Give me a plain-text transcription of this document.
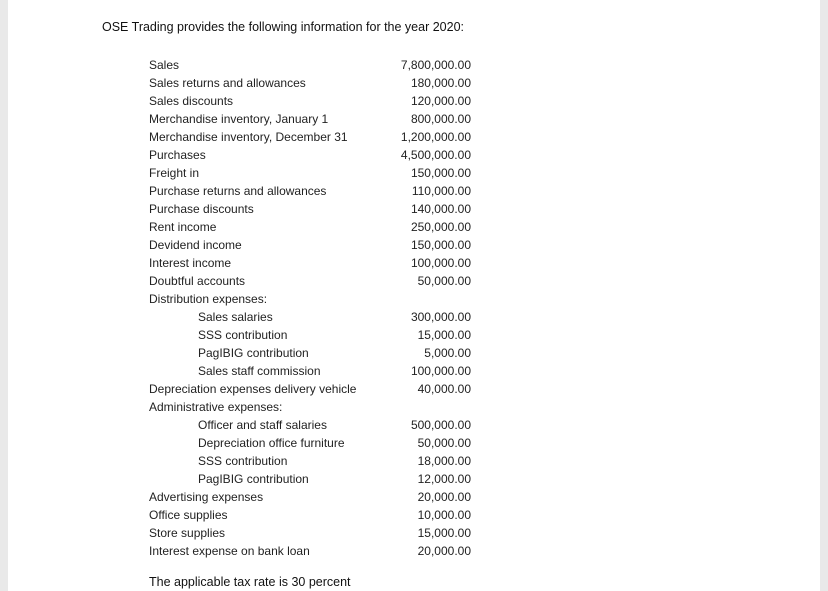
OSE Trading provides the following information for the year 2020:
Sales	7,800,000.00
Sales returns and allowances	180,000.00
Sales discounts	120,000.00
Merchandise inventory, January 1	800,000.00
Merchandise inventory, December 31	1,200,000.00
Purchases	4,500,000.00
Freight in	150,000.00
Purchase returns and allowances	110,000.00
Purchase discounts	140,000.00
Rent income	250,000.00
Devidend income	150,000.00
Interest income	100,000.00
Doubtful accounts	50,000.00
Distribution expenses:
Sales salaries	300,000.00
SSS contribution	15,000.00
PagIBIG contribution	5,000.00
Sales staff commission	100,000.00
Depreciation expenses delivery vehicle	40,000.00
Administrative expenses:
Officer and staff salaries	500,000.00
Depreciation office furniture	50,000.00
SSS contribution	18,000.00
PagIBIG contribution	12,000.00
Advertising expenses	20,000.00
Office supplies	10,000.00
Store supplies	15,000.00
Interest expense on bank loan	20,000.00
The applicable tax rate is 30 percent
